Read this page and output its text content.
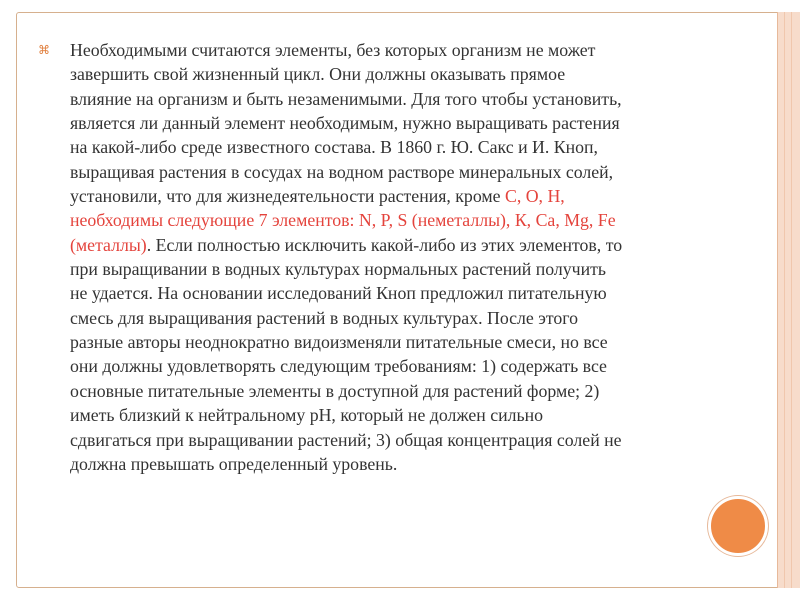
⌘ Необходимыми считаются элементы, без которых организм не может
завершить свой жизненный цикл. Они должны оказывать прямое
влияние на организм и быть незаменимыми. Для того чтобы установить,
является ли данный элемент необходимым, нужно выращивать растения
на какой-либо среде известного состава. В 1860 г. Ю. Сакс и И. Кноп,
выращивая растения в сосудах на водном растворе минеральных солей,
установили, что для жизнедеятельности растения, кроме С, О, Н,
необходимы следующие 7 элементов: N, P, S (неметаллы), К, Са, Mg, Fe
(металлы). Если полностью исключить какой-либо из этих элементов, то
при выращивании в водных культурах нормальных растений получить
не удается. На основании исследований Кноп предложил питательную
смесь для выращивания растений в водных культурах. После этого
разные авторы неоднократно видоизменяли питательные смеси, но все
они должны удовлетворять следующим требованиям: 1) содержать все
основные питательные элементы в доступной для растений форме; 2)
иметь близкий к нейтральному pH, который не должен сильно
сдвигаться при выращивании растений; 3) общая концентрация солей не
должна превышать определенный уровень.
